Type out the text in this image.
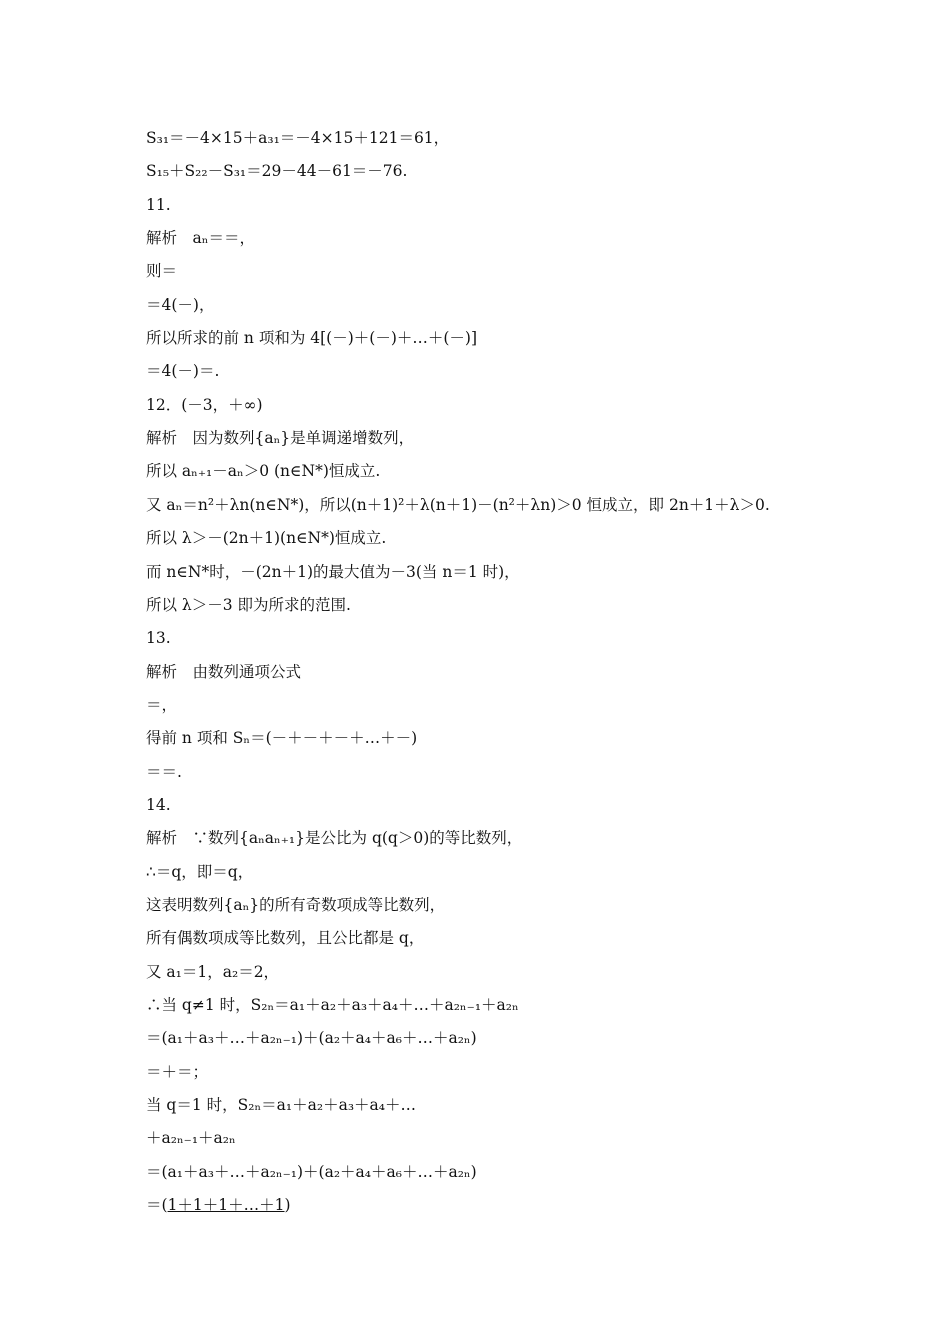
S₃₁＝－4×15＋a₃₁＝－4×15＋121＝61，
S₁₅＋S₂₂－S₃₁＝29－44－61＝－76.
11.
解析　aₙ＝＝，
则＝
＝4(－)，
所以所求的前 n 项和为 4[(－)＋(－)＋…＋(－)]
＝4(－)＝.
12．(－3，＋∞)
解析　因为数列{aₙ}是单调递增数列，
所以 aₙ₊₁－aₙ＞0 (n∈N*)恒成立.
又 aₙ＝n²＋λn(n∈N*)，所以(n＋1)²＋λ(n＋1)－(n²＋λn)＞0 恒成立，即 2n＋1＋λ＞0.
所以 λ＞－(2n＋1)(n∈N*)恒成立.
而 n∈N*时，－(2n＋1)的最大值为－3(当 n＝1 时)，
所以 λ＞－3 即为所求的范围.
13.
解析　由数列通项公式
＝，
得前 n 项和 Sₙ＝(－＋－＋－＋…＋－)
＝＝.
14.
解析　∵数列{aₙaₙ₊₁}是公比为 q(q＞0)的等比数列，
∴＝q，即＝q，
这表明数列{aₙ}的所有奇数项成等比数列，
所有偶数项成等比数列，且公比都是 q，
又 a₁＝1，a₂＝2，
∴当 q≠1 时，S₂ₙ＝a₁＋a₂＋a₃＋a₄＋…＋a₂ₙ₋₁＋a₂ₙ
＝(a₁＋a₃＋…＋a₂ₙ₋₁)＋(a₂＋a₄＋a₆＋…＋a₂ₙ)
＝＋＝；
当 q＝1 时，S₂ₙ＝a₁＋a₂＋a₃＋a₄＋…
＋a₂ₙ₋₁＋a₂ₙ
＝(a₁＋a₃＋…＋a₂ₙ₋₁)＋(a₂＋a₄＋a₆＋…＋a₂ₙ)
＝(1＋1＋1＋…＋1)
